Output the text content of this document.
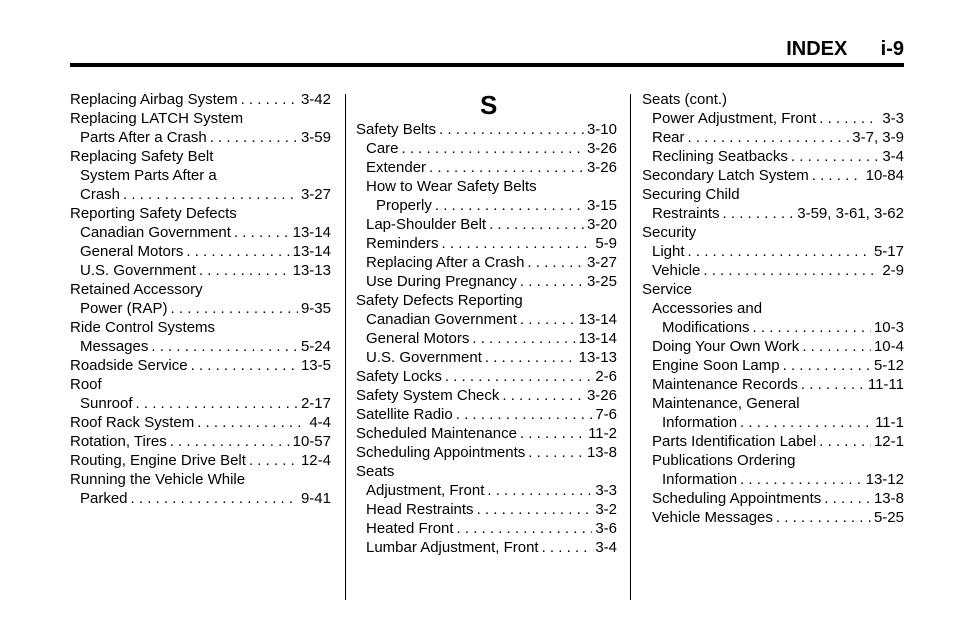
INDEX      i-9
Replacing Airbag System . . .	3-42
Replacing LATCH System
Parts After a Crash . . .	3-59
Replacing Safety Belt
System Parts After a
Crash . . .	3-27
Reporting Safety Defects
Canadian Government . . .	13-14
General Motors . . .	13-14
U.S. Government . . .	13-13
Retained Accessory
Power (RAP) . . .	9-35
Ride Control Systems
Messages . . .	5-24
Roadside Service . . .	13-5
Roof
Sunroof . . .	2-17
Roof Rack System . . .	4-4
Rotation, Tires . . .	10-57
Routing, Engine Drive Belt . . .	12-4
Running the Vehicle While
Parked . . .	9-41
S
Safety Belts . . .	3-10
Care . . .	3-26
Extender . . .	3-26
How to Wear Safety Belts
Properly . . .	3-15
Lap-Shoulder Belt . . .	3-20
Reminders . . .	5-9
Replacing After a Crash . . .	3-27
Use During Pregnancy . . .	3-25
Safety Defects Reporting
Canadian Government . . .	13-14
General Motors . . .	13-14
U.S. Government . . .	13-13
Safety Locks . . .	2-6
Safety System Check . . .	3-26
Satellite Radio . . .	7-6
Scheduled Maintenance . . .	11-2
Scheduling Appointments . . .	13-8
Seats
Adjustment, Front . . .	3-3
Head Restraints . . .	3-2
Heated Front . . .	3-6
Lumbar Adjustment, Front . . .	3-4
Seats (cont.)
Power Adjustment, Front . . .	3-3
Rear . . .	3-7, 3-9
Reclining Seatbacks . . .	3-4
Secondary Latch System . . .	10-84
Securing Child
Restraints . . .	3-59, 3-61, 3-62
Security
Light . . .	5-17
Vehicle . . .	2-9
Service
Accessories and
Modifications . . .	10-3
Doing Your Own Work . . .	10-4
Engine Soon Lamp . . .	5-12
Maintenance Records . . .	11-11
Maintenance, General
Information . . .	11-1
Parts Identification Label . . .	12-1
Publications Ordering
Information . . .	13-12
Scheduling Appointments . . .	13-8
Vehicle Messages . . .	5-25
